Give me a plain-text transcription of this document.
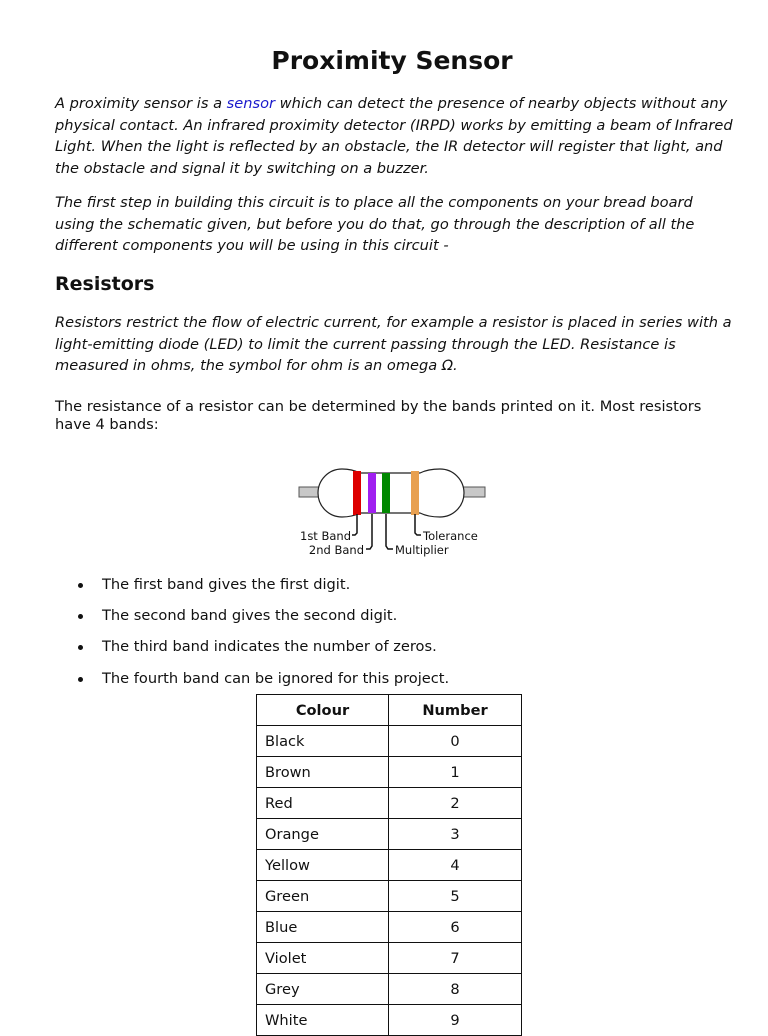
Proximity Sensor

A proximity sensor is a sensor which can detect the presence of nearby objects without any physical contact. An infrared proximity detector (IRPD) works by emitting a beam of Infrared Light. When the light is reflected by an obstacle, the IR detector will register that light, and the obstacle and signal it by switching on a buzzer.

The first step in building this circuit is to place all the components on your bread board using the schematic given, but before you do that, go through the description of all the different components you will be using in this circuit -

Resistors

Resistors restrict the flow of electric current, for example a resistor is placed in series with a light-emitting diode (LED) to limit the current passing through the LED. Resistance is measured in ohms, the symbol for ohm is an omega Ω.

The resistance of a resistor can be determined by the bands printed on it. Most resistors have 4 bands:

1st Band
2nd Band	Multiplier
Tolerance
The first band gives the first digit.
The second band gives the second digit.
The third band indicates the number of zeros.
The fourth band can be ignored for this project.
Colour	Number
Black	0
Brown	1
Red	2
Orange	3
Yellow	4
Green	5
Blue	6
Violet	7
Grey	8
White	9
